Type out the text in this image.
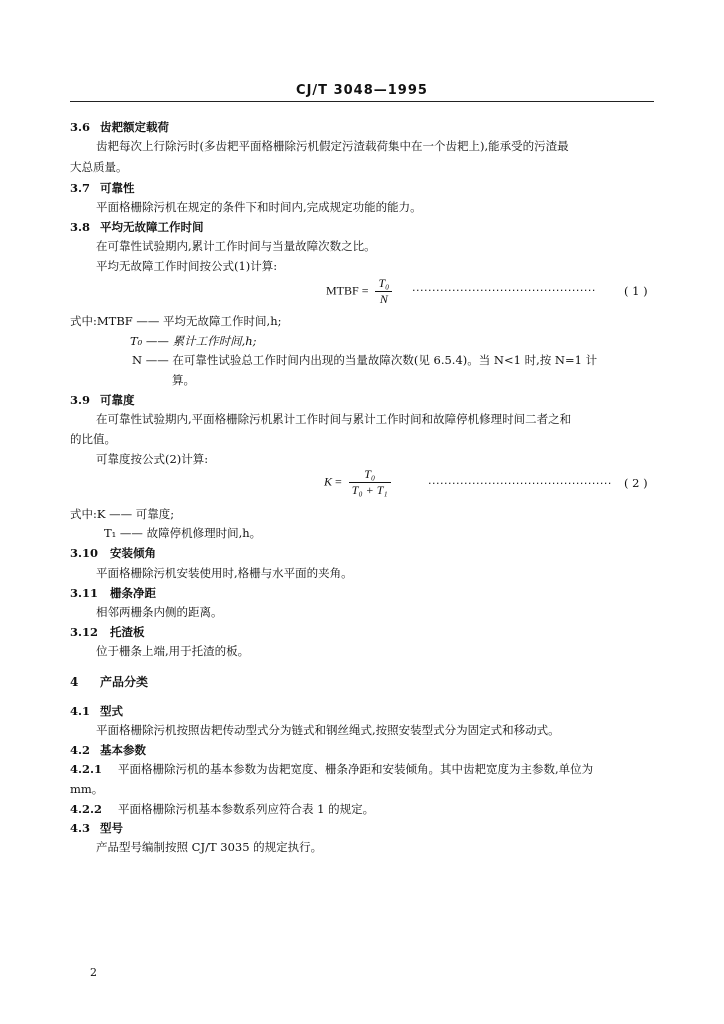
CJ/T 3048—1995
3.6 齿耙额定载荷
齿耙每次上行除污时(多齿耙平面格栅除污机假定污渣载荷集中在一个齿耙上),能承受的污渣最
大总质量。
3.7 可靠性
平面格栅除污机在规定的条件下和时间内,完成规定功能的能力。
3.8 平均无故障工作时间
在可靠性试验期内,累计工作时间与当量故障次数之比。
平均无故障工作时间按公式(1)计算:
MTBF = $\frac{\text{T₀}}{N}$ ·············································· ( 1 )
式中:MTBF —— 平均无故障工作时间,h;
T₀ —— 累计工作时间,h;
N —— 在可靠性试验总工作时间内出现的当量故障次数(见 6.5.4)。当 N<1 时,按 N=1 计
算。
3.9 可靠度
在可靠性试验期内,平面格栅除污机累计工作时间与累计工作时间和故障停机修理时间二者之和
的比值。
可靠度按公式(2)计算:
$K = \frac{\text{T₀}}{\text{T₀ + T₁}}$	·············································· ( 2 )
式中:K —— 可靠度;
T₁ —— 故障停机修理时间,h。
3.10 安装倾角
平面格栅除污机安装使用时,格栅与水平面的夹角。
3.11 栅条净距
相邻两栅条内侧的距离。
3.12 托渣板
位于栅条上端,用于托渣的板。
4 产品分类
4.1 型式
平面格栅除污机按照齿耙传动型式分为链式和钢丝绳式,按照安装型式分为固定式和移动式。
4.2 基本参数
4.2.1 平面格栅除污机的基本参数为齿耙宽度、栅条净距和安装倾角。其中齿耙宽度为主参数,单位为
mm。
4.2.2 平面格栅除污机基本参数系列应符合表 1 的规定。
4.3 型号
产品型号编制按照 CJ/T 3035 的规定执行。
2
